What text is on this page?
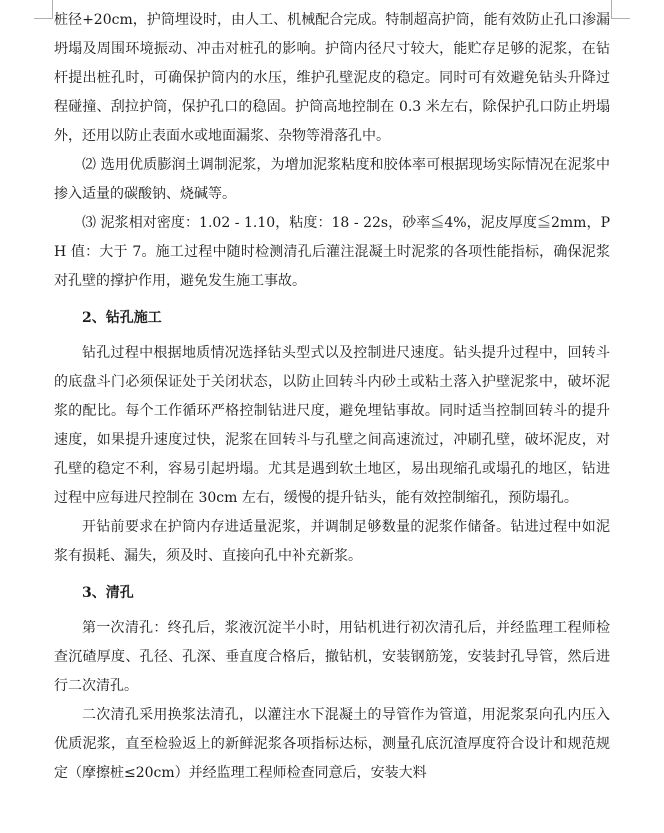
桩径+20cm，护筒埋设时，由人工、机械配合完成。特制超高护筒，能有效防止孔口渗漏坍塌及周围环境振动、冲击对桩孔的影响。护筒内径尺寸较大，能贮存足够的泥浆，在钻杆提出桩孔时，可确保护筒内的水压，维护孔壁泥皮的稳定。同时可有效避免钻头升降过程碰撞、刮拉护筒，保护孔口的稳固。护筒高地控制在 0.3 米左右，除保护孔口防止坍塌外，还用以防止表面水或地面漏浆、杂物等滑落孔中。

⑵ 选用优质膨润土调制泥浆，为增加泥浆粘度和胶体率可根据现场实际情况在泥浆中掺入适量的碳酸钠、烧碱等。

⑶ 泥浆相对密度：1.02 - 1.10，粘度：18 - 22s，砂率≦4%，泥皮厚度≦2mm，PH 值：大于 7。施工过程中随时检测清孔后灌注混凝土时泥浆的各项性能指标，确保泥浆对孔壁的撑护作用，避免发生施工事故。

2、钻孔施工

钻孔过程中根据地质情况选择钻头型式以及控制进尺速度。钻头提升过程中，回转斗的底盘斗门必须保证处于关闭状态，以防止回转斗内砂土或粘土落入护壁泥浆中，破坏泥浆的配比。每个工作循环严格控制钻进尺度，避免埋钻事故。同时适当控制回转斗的提升速度，如果提升速度过快，泥浆在回转斗与孔壁之间高速流过，冲刷孔壁，破坏泥皮，对孔壁的稳定不利，容易引起坍塌。尤其是遇到软土地区，易出现缩孔或塌孔的地区，钻进过程中应每进尺控制在 30cm 左右，缓慢的提升钻头，能有效控制缩孔，预防塌孔。

开钻前要求在护筒内存进适量泥浆，并调制足够数量的泥浆作储备。钻进过程中如泥浆有损耗、漏失，须及时、直接向孔中补充新浆。

3、清孔

第一次清孔：终孔后，浆液沉淀半小时，用钻机进行初次清孔后，并经监理工程师检查沉碴厚度、孔径、孔深、垂直度合格后，撤钻机，安装钢筋笼，安装封孔导管，然后进行二次清孔。

二次清孔采用换浆法清孔，以灌注水下混凝土的导管作为管道，用泥浆泵向孔内压入优质泥浆，直至检验返上的新鲜泥浆各项指标达标，测量孔底沉渣厚度符合设计和规范规定（摩擦桩≤20cm）并经监理工程师检查同意后，安装大料
